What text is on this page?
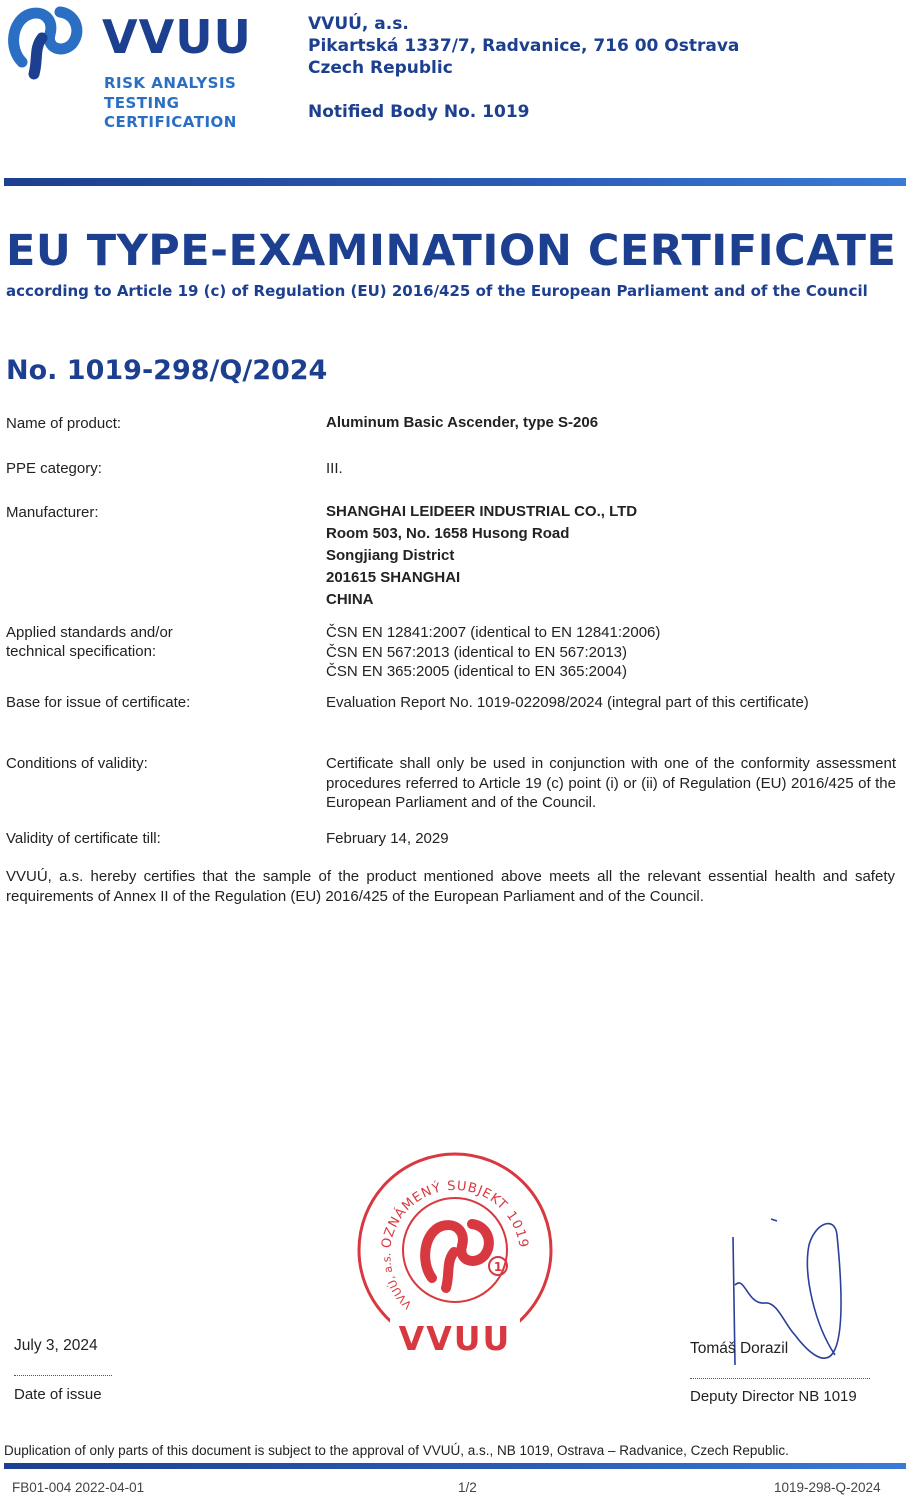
VVUU
RISK ANALYSIS
TESTING
CERTIFICATION
VVUÚ, a.s.
Pikartská 1337/7, Radvanice, 716 00 Ostrava
Czech Republic
Notified Body No. 1019
EU TYPE-EXAMINATION CERTIFICATE
according to Article 19 (c) of Regulation (EU) 2016/425 of the European Parliament and of the Council
No. 1019-298/Q/2024
Name of product:	Aluminum Basic Ascender, type S-206
PPE category:	III.
Manufacturer:	SHANGHAI LEIDEER INDUSTRIAL CO., LTD
Room 503, No. 1658 Husong Road
Songjiang District
201615 SHANGHAI
CHINA
Applied standards and/or
technical specification:
ČSN EN 12841:2007 (identical to EN 12841:2006)
ČSN EN 567:2013 (identical to EN 567:2013)
ČSN EN 365:2005 (identical to EN 365:2004)
Base for issue of certificate:	Evaluation Report No. 1019-022098/2024 (integral part of this certificate)
Conditions of validity:	Certificate shall only be used in conjunction with one of the conformity assessment procedures referred to Article 19 (c) point (i) or (ii) of Regulation (EU) 2016/425 of the European Parliament and of the Council.
Validity of certificate till:	February 14, 2029
VVUÚ, a.s. hereby certifies that the sample of the product mentioned above meets all the relevant essential health and safety requirements of Annex II of the Regulation (EU) 2016/425 of the European Parliament and of the Council.
OZNÁMENÝ SUBJEKT 1019
VVUÚ, a.s.
1
VVUU
July 3, 2024
Date of issue
Tomáš Dorazil
Deputy Director NB 1019
Duplication of only parts of this document is subject to the approval of VVUÚ, a.s., NB 1019, Ostrava – Radvanice, Czech Republic.
FB01-004 2022-04-01	1/2	1019-298-Q-2024
